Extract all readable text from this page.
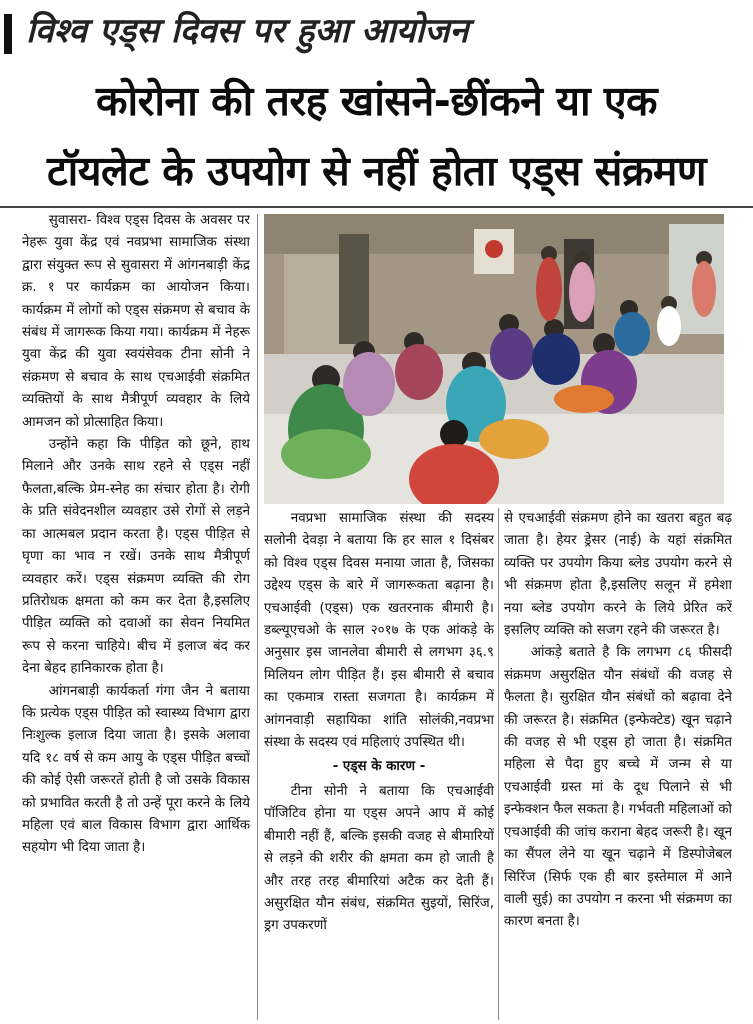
विश्व एड्स दिवस पर हुआ आयोजन
कोरोना की तरह खांसने-छींकने या एक
टॉयलेट के उपयोग से नहीं होता एड्स संक्रमण

सुवासरा- विश्व एड्स दिवस के अवसर पर नेहरू युवा केंद्र एवं नवप्रभा सामाजिक संस्था द्वारा संयुक्त रूप से सुवासरा में आंगनबाड़ी केंद्र क्र. १ पर कार्यक्रम का आयोजन किया। कार्यक्रम में लोगों को एड्स संक्रमण से बचाव के संबंध में जागरूक किया गया। कार्यक्रम में नेहरू युवा केंद्र की युवा स्वयंसेवक टीना सोनी ने संक्रमण से बचाव के साथ एचआईवी संक्रमित व्यक्तियों के साथ मैत्रीपूर्ण व्यवहार के लिये आमजन को प्रोत्साहित किया।

उन्होंने कहा कि पीड़ित को छूने, हाथ मिलाने और उनके साथ रहने से एड्स नहीं फैलता,बल्कि प्रेम-स्नेह का संचार होता है। रोगी के प्रति संवेदनशील व्यवहार उसे रोगों से लड़ने का आत्मबल प्रदान करता है। एड्स पीड़ित से घृणा का भाव न रखें। उनके साथ मैत्रीपूर्ण व्यवहार करें। एड्स संक्रमण व्यक्ति की रोग प्रतिरोधक क्षमता को कम कर देता है,इसलिए पीड़ित व्यक्ति को दवाओं का सेवन नियमित रूप से करना चाहिये। बीच में इलाज बंद कर देना बेहद हानिकारक होता है।

आंगनबाड़ी कार्यकर्ता गंगा जैन ने बताया कि प्रत्येक एड्स पीड़ित को स्वास्थ्य विभाग द्वारा निःशुल्क इलाज दिया जाता है। इसके अलावा यदि १८ वर्ष से कम आयु के एड्स पीड़ित बच्चों की कोई ऐसी जरूरतें होती है जो उसके विकास को प्रभावित करती है तो उन्हें पूरा करने के लिये महिला एवं बाल विकास विभाग द्वारा आर्थिक सहयोग भी दिया जाता है।

नवप्रभा सामाजिक संस्था की सदस्य सलोनी देवड़ा ने बताया कि हर साल १ दिसंबर को विश्व एड्स दिवस मनाया जाता है, जिसका उद्देश्य एड्स के बारे में जागरूकता बढ़ाना है। एचआईवी (एड्स) एक खतरनाक बीमारी है। डब्ल्यूएचओ के साल २०१७ के एक आंकड़े के अनुसार इस जानलेवा बीमारी से लगभग ३६.९ मिलियन लोग पीड़ित हैं। इस बीमारी से बचाव का एकमात्र रास्ता सजगता है। कार्यक्रम में आंगनवाड़ी सहायिका शांति सोलंकी,नवप्रभा संस्था के सदस्य एवं महिलाएं उपस्थित थी।

- एड्स के कारण -

टीना सोनी ने बताया कि एचआईवी पॉजिटिव होना या एड्स अपने आप में कोई बीमारी नहीं हैं, बल्कि इसकी वजह से बीमारियों से लड़ने की शरीर की क्षमता कम हो जाती है और तरह तरह बीमारियां अटैक कर देती हैं। असुरक्षित यौन संबंध, संक्रमित सुइयों, सिरिंज, ड्रग उपकरणों

से एचआईवी संक्रमण होने का खतरा बहुत बढ़ जाता है। हेयर ड्रेसर (नाई) के यहां संक्रमित व्यक्ति पर उपयोग किया ब्लेड उपयोग करने से भी संक्रमण होता है,इसलिए सलून में हमेशा नया ब्लेड उपयोग करने के लिये प्रेरित करें इसलिए व्यक्ति को सजग रहने की जरूरत है।

आंकड़े बताते है कि लगभग ८६ फीसदी संक्रमण असुरक्षित यौन संबंधों की वजह से फैलता है। सुरक्षित यौन संबंधों को बढ़ावा देने की जरूरत है। संक्रमित (इन्फेक्टेड) खून चढ़ाने की वजह से भी एड्स हो जाता है। संक्रमित महिला से पैदा हुए बच्चे में जन्म से या एचआईवी ग्रस्त मां के दूध पिलाने से भी इन्फेक्शन फैल सकता है। गर्भवती महिलाओं को एचआईवी की जांच कराना बेहद जरूरी है। खून का सैंपल लेने या खून चढ़ाने में डिस्पोजेबल सिरिंज (सिर्फ एक ही बार इस्तेमाल में आने वाली सुई) का उपयोग न करना भी संक्रमण का कारण बनता है।
